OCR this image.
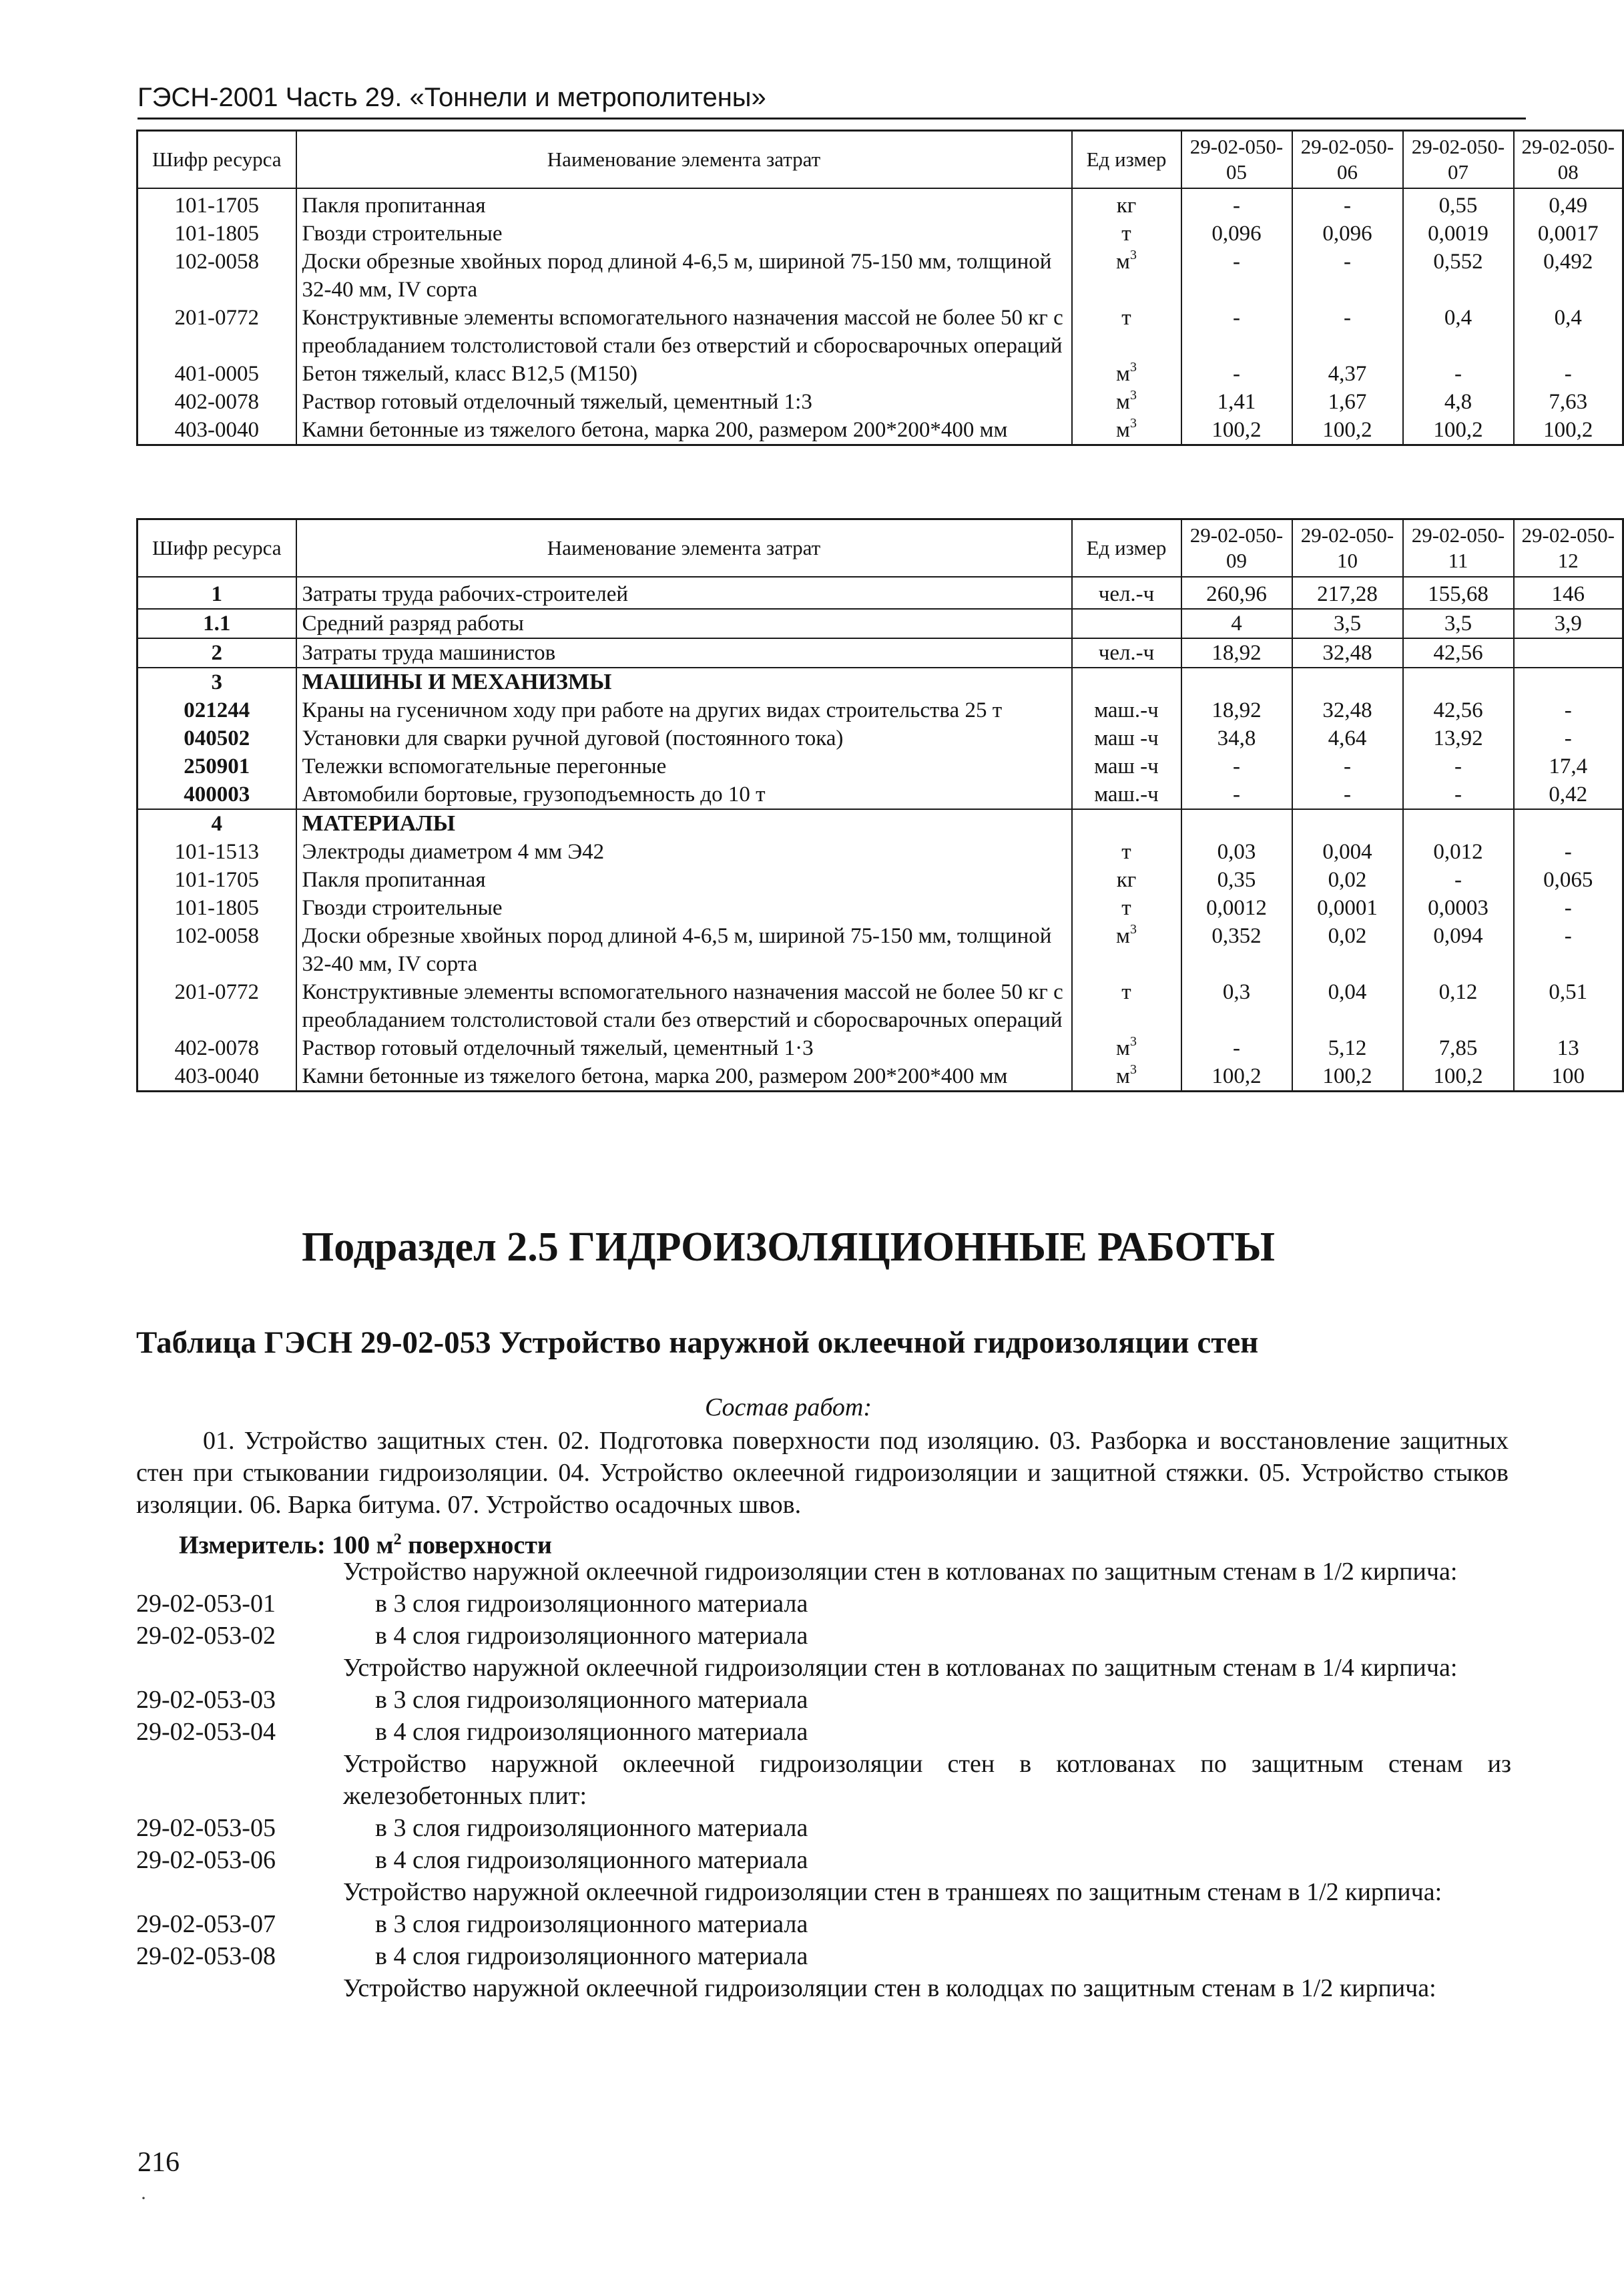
ГЭСН-2001 Часть 29. «Тоннели и метрополитены»
Шифр ресурса	Наименование элемента затрат	Ед измер	29-02-050-05	29-02-050-06	29-02-050-07	29-02-050-08
101-1705	Пакля пропитанная	кг	-	-	0,55	0,49
101-1805	Гвозди строительные	т	0,096	0,096	0,0019	0,0017
102-0058	Доски обрезные хвойных пород длиной 4-6,5 м, шириной 75-150 мм, толщиной 32-40 мм, IV сорта	$м^3$	-	-	0,552	0,492
201-0772	Конструктивные элементы вспомогательного назначения массой не более 50 кг с преобладанием толстолистовой стали без отверстий и сборосварочных операций	т	-	-	0,4	0,4
401-0005	Бетон тяжелый, класс В12,5 (М150)	$м^3$	-	4,37	-	-
402-0078	Раствор готовый отделочный тяжелый, цементный 1:3	$м^3$	1,41	1,67	4,8	7,63
403-0040	Камни бетонные из тяжелого бетона, марка 200, размером 200*200*400 мм	$м^3$	100,2	100,2	100,2	100,2
Шифр ресурса	Наименование элемента затрат	Ед измер	29-02-050-09	29-02-050-10	29-02-050-11	29-02-050-12
1	Затраты труда рабочих-строителей	чел.-ч	260,96	217,28	155,68	146
1.1	Средний разряд работы		4	3,5	3,5	3,9
2	Затраты труда машинистов	чел.-ч	18,92	32,48	42,56	
3	МАШИНЫ И МЕХАНИЗМЫ					
021244	Краны на гусеничном ходу при работе на других видах строительства 25 т	маш.-ч	18,92	32,48	42,56	-
040502	Установки для сварки ручной дуговой (постоянного тока)	маш -ч	34,8	4,64	13,92	-
250901	Тележки вспомогательные перегонные	маш -ч	-	-	-	17,4
400003	Автомобили бортовые, грузоподъемность до 10 т	маш.-ч	-	-	-	0,42
4	МАТЕРИАЛЫ					
101-1513	Электроды диаметром 4 мм Э42	т	0,03	0,004	0,012	-
101-1705	Пакля пропитанная	кг	0,35	0,02	-	0,065
101-1805	Гвозди строительные	т	0,0012	0,0001	0,0003	-
102-0058	Доски обрезные хвойных пород длиной 4-6,5 м, шириной 75-150 мм, толщиной 32-40 мм, IV сорта	$м^3$	0,352	0,02	0,094	-
201-0772	Конструктивные элементы вспомогательного назначения массой не более 50 кг с преобладанием толстолистовой стали без отверстий и сборосварочных операций	т	0,3	0,04	0,12	0,51
402-0078	Раствор готовый отделочный тяжелый, цементный 1·3	$м^3$	-	5,12	7,85	13
403-0040	Камни бетонные из тяжелого бетона, марка 200, размером 200*200*400 мм	$м^3$	100,2	100,2	100,2	100
Подраздел 2.5 ГИДРОИЗОЛЯЦИОННЫЕ РАБОТЫ
Таблица ГЭСН 29-02-053 Устройство наружной оклеечной гидроизоляции стен
Состав работ:
01. Устройство защитных стен. 02. Подготовка поверхности под изоляцию. 03. Разборка и восстановление защитных стен при стыковании гидроизоляции. 04. Устройство оклеечной гидроизоляции и защитной стяжки. 05. Устройство стыков изоляции. 06. Варка битума. 07. Устройство осадочных швов.
Измеритель: 100 $м^2$ поверхности
Устройство наружной оклеечной гидроизоляции стен в котлованах по защитным стенам в 1/2 кирпича:
29-02-053-01	в 3 слоя гидроизоляционного материала
29-02-053-02	в 4 слоя гидроизоляционного материала
Устройство наружной оклеечной гидроизоляции стен в котлованах по защитным стенам в 1/4 кирпича:
29-02-053-03	в 3 слоя гидроизоляционного материала
29-02-053-04	в 4 слоя гидроизоляционного материала
Устройство наружной оклеечной гидроизоляции стен в котлованах по защитным стенам из железобетонных плит:
29-02-053-05	в 3 слоя гидроизоляционного материала
29-02-053-06	в 4 слоя гидроизоляционного материала
Устройство наружной оклеечной гидроизоляции стен в траншеях по защитным стенам в 1/2 кирпича:
29-02-053-07	в 3 слоя гидроизоляционного материала
29-02-053-08	в 4 слоя гидроизоляционного материала
Устройство наружной оклеечной гидроизоляции стен в колодцах по защитным стенам в 1/2 кирпича:
216
·
